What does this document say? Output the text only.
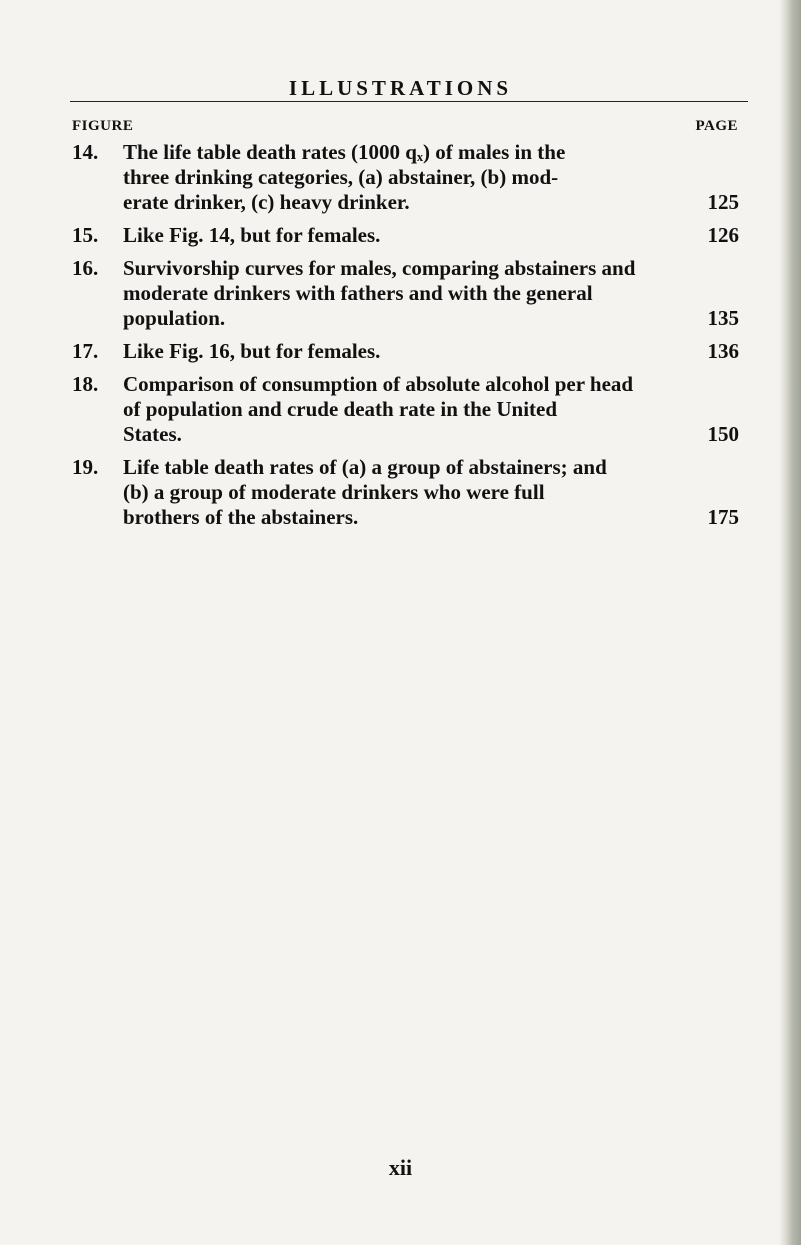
ILLUSTRATIONS
FIGURE	PAGE
14.	The life table death rates (1000 qₓ) of males in the
three drinking categories, (a) abstainer, (b) mod-
erate drinker, (c) heavy drinker.	125
15.	Like Fig. 14, but for females.	126
16.	Survivorship curves for males, comparing abstainers and
moderate drinkers with fathers and with the general
population.	135
17.	Like Fig. 16, but for females.	136
18.	Comparison of consumption of absolute alcohol per head
of population and crude death rate in the United
States.	150
19.	Life table death rates of (a) a group of abstainers; and
(b) a group of moderate drinkers who were full
brothers of the abstainers.	175
xii
